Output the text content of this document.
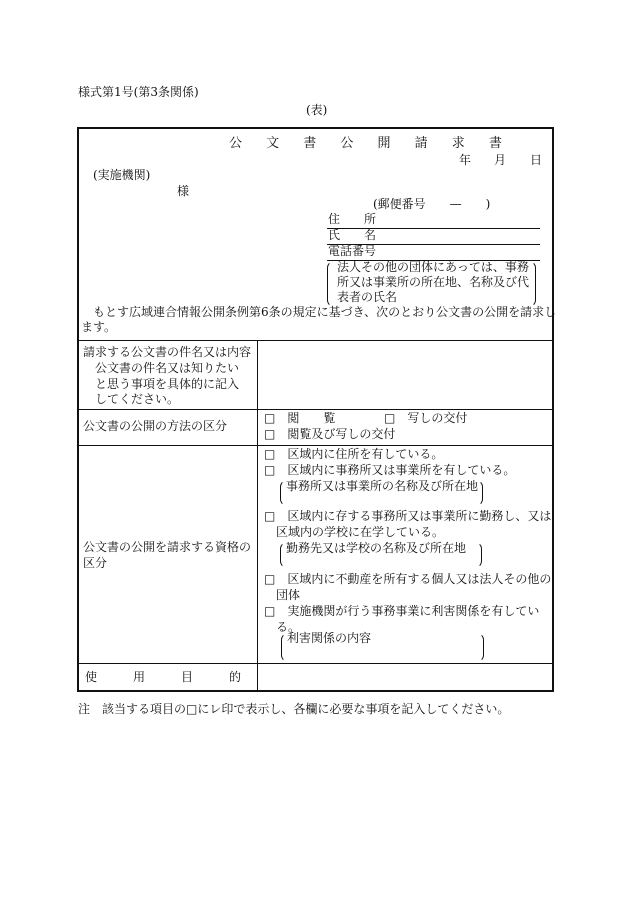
様式第1号(第3条関係)
(表)
公 文 書 公 開 請 求 書
年 月 日
(実施機関)
様
(郵便番号　　—　　)
住　　所
氏　　名
電話番号
法人その他の団体にあっては、事務
所又は事業所の所在地、名称及び代
表者の氏名
　もとす広域連合情報公開条例第6条の規定に基づき、次のとおり公文書の公開を請求し
ます。
請求する公文書の件名又は内容
　公文書の件名又は知りたい
　と思う事項を具体的に記入
　してください。
公文書の公開の方法の区分
□　閲　　覧	□　写しの交付
□　閲覧及び写しの交付
公文書の公開を請求する資格の
区分
□　区域内に住所を有している。
□　区域内に事務所又は事業所を有している。
事務所又は事業所の名称及び所在地
□　区域内に存する事務所又は事業所に勤務し、又は
　区域内の学校に在学している。
勤務先又は学校の名称及び所在地
□　区域内に不動産を所有する個人又は法人その他の
　団体
□　実施機関が行う事務事業に利害関係を有してい
　る。
利害関係の内容
使　　　用　　　目　　　的
注　該当する項目の□にレ印で表示し、各欄に必要な事項を記入してください。
